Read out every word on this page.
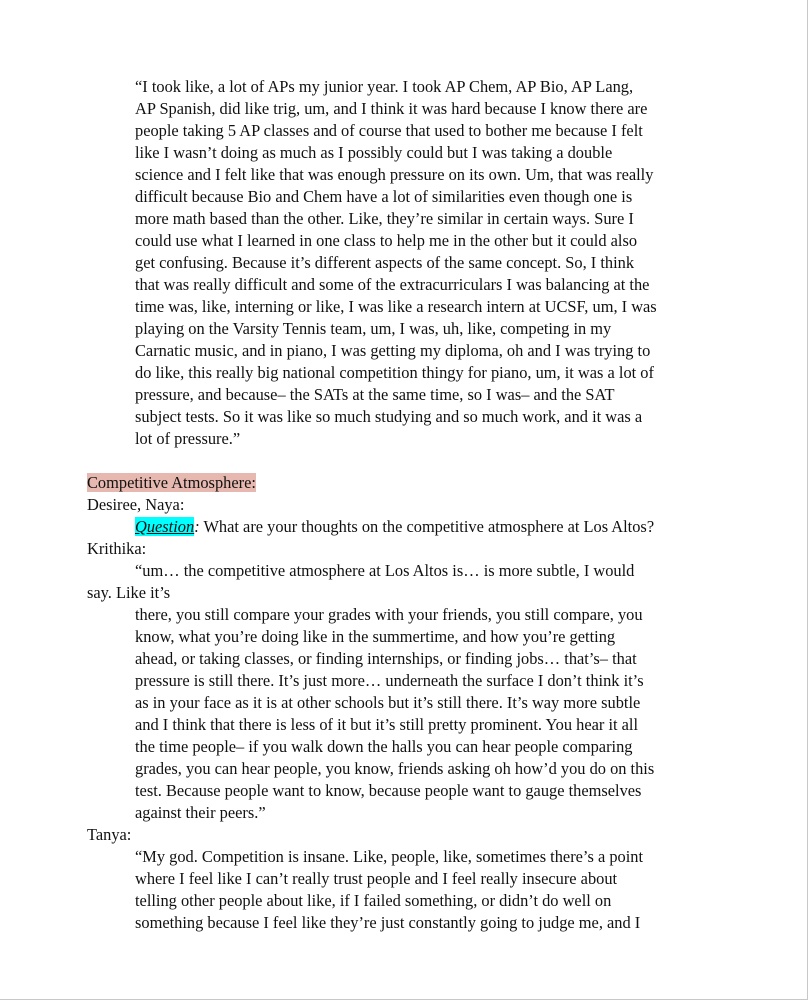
“I took like, a lot of APs my junior year. I took AP Chem, AP Bio, AP Lang,
AP Spanish, did like trig, um, and I think it was hard because I know there are
people taking 5 AP classes and of course that used to bother me because I felt
like I wasn’t doing as much as I possibly could but I was taking a double
science and I felt like that was enough pressure on its own. Um, that was really
difficult because Bio and Chem have a lot of similarities even though one is
more math based than the other. Like, they’re similar in certain ways. Sure I
could use what I learned in one class to help me in the other but it could also
get confusing. Because it’s different aspects of the same concept. So, I think
that was really difficult and some of the extracurriculars I was balancing at the
time was, like, interning or like, I was like a research intern at UCSF, um, I was
playing on the Varsity Tennis team, um, I was, uh, like, competing in my
Carnatic music, and in piano, I was getting my diploma, oh and I was trying to
do like, this really big national competition thingy for piano, um, it was a lot of
pressure, and because– the SATs at the same time, so I was– and the SAT
subject tests. So it was like so much studying and so much work, and it was a
lot of pressure.”
Competitive Atmosphere:
Desiree, Naya:
Question: What are your thoughts on the competitive atmosphere at Los Altos?
Krithika:
“um… the competitive atmosphere at Los Altos is… is more subtle, I would
say. Like it’s
there, you still compare your grades with your friends, you still compare, you
know, what you’re doing like in the summertime, and how you’re getting
ahead, or taking classes, or finding internships, or finding jobs… that’s– that
pressure is still there. It’s just more… underneath the surface I don’t think it’s
as in your face as it is at other schools but it’s still there. It’s way more subtle
and I think that there is less of it but it’s still pretty prominent. You hear it all
the time people– if you walk down the halls you can hear people comparing
grades, you can hear people, you know, friends asking oh how’d you do on this
test. Because people want to know, because people want to gauge themselves
against their peers.”
Tanya:
“My god. Competition is insane. Like, people, like, sometimes there’s a point
where I feel like I can’t really trust people and I feel really insecure about
telling other people about like, if I failed something, or didn’t do well on
something because I feel like they’re just constantly going to judge me, and I
